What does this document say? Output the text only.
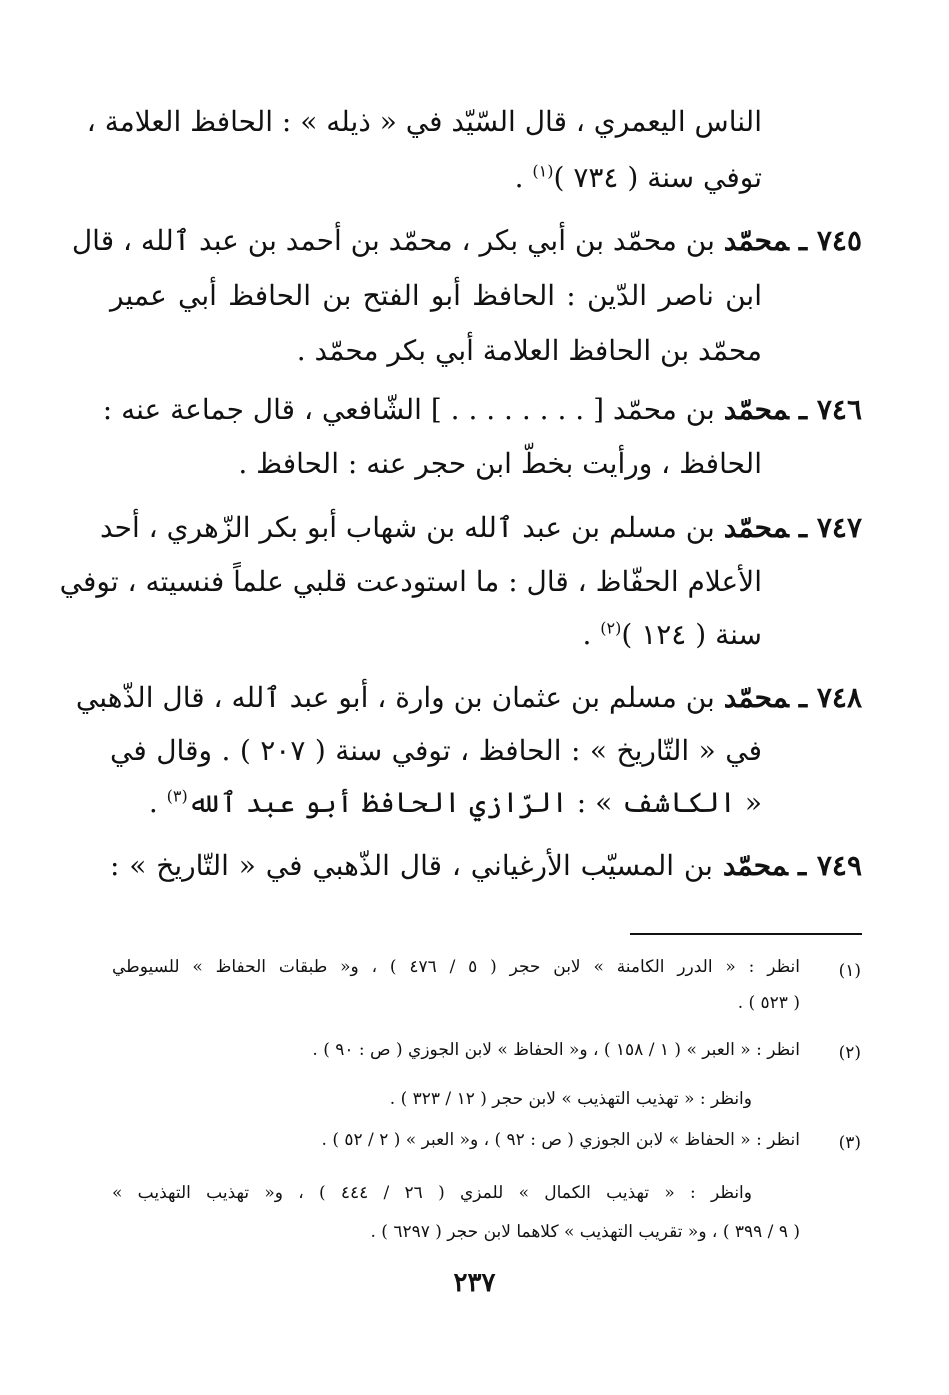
الناس اليعمري ، قال السّيّد في « ذيله » : الحافظ العلامة ،
توفي سنة ( ٧٣٤ )$^{(١)}$ .
٧٤٥ ـمحمّد بن محمّد بن أبي بكر ، محمّد بن أحمد بن عبد ٱلله ، قال
ابن ناصر الدّين : الحافظ أبو الفتح بن الحافظ أبي عمير
محمّد بن الحافظ العلامة أبي بكر محمّد .
٧٤٦ ـمحمّد بن محمّد [ . . . . . . . . ] الشّافعي ، قال جماعة عنه :
الحافظ ، ورأيت بخطّ ابن حجر عنه : الحافظ .
٧٤٧ ـمحمّد بن مسلم بن عبد ٱلله بن شهاب أبو بكر الزّهري ، أحد
الأعلام الحفّاظ ، قال : ما استودعت قلبي علماً فنسيته ، توفي
سنة ( ١٢٤ )$^{(٢)}$ .
٧٤٨ ـمحمّد بن مسلم بن عثمان بن وارة ، أبو عبد ٱلله ، قال الذّهبي
في « التّاريخ » : الحافظ ، توفي سنة ( ٢٠٧ ) . وقال في
« الكاشف » : الرّازي الحافظ أبو عبد ٱلله$^{(٣)}$ .
٧٤٩ ـمحمّد بن المسيّب الأرغياني ، قال الذّهبي في « التّاريخ » :
(١)
انظر : « الدرر الكامنة » لابن حجر ( ٥ / ٤٧٦ ) ، و« طبقات الحفاظ » للسيوطي
( ٥٢٣ ) .
(٢)
انظر : « العبر » ( ١ / ١٥٨ ) ، و« الحفاظ » لابن الجوزي ( ص : ٩٠ ) .
وانظر : « تهذيب التهذيب » لابن حجر ( ١٢ / ٣٢٣ ) .
(٣)
انظر : « الحفاظ » لابن الجوزي ( ص : ٩٢ ) ، و« العبر » ( ٢ / ٥٢ ) .
وانظر : « تهذيب الكمال » للمزي ( ٢٦ / ٤٤٤ ) ، و« تهذيب التهذيب »
( ٩ / ٣٩٩ ) ، و« تقريب التهذيب » كلاهما لابن حجر ( ٦٢٩٧ ) .
٢٣٧
